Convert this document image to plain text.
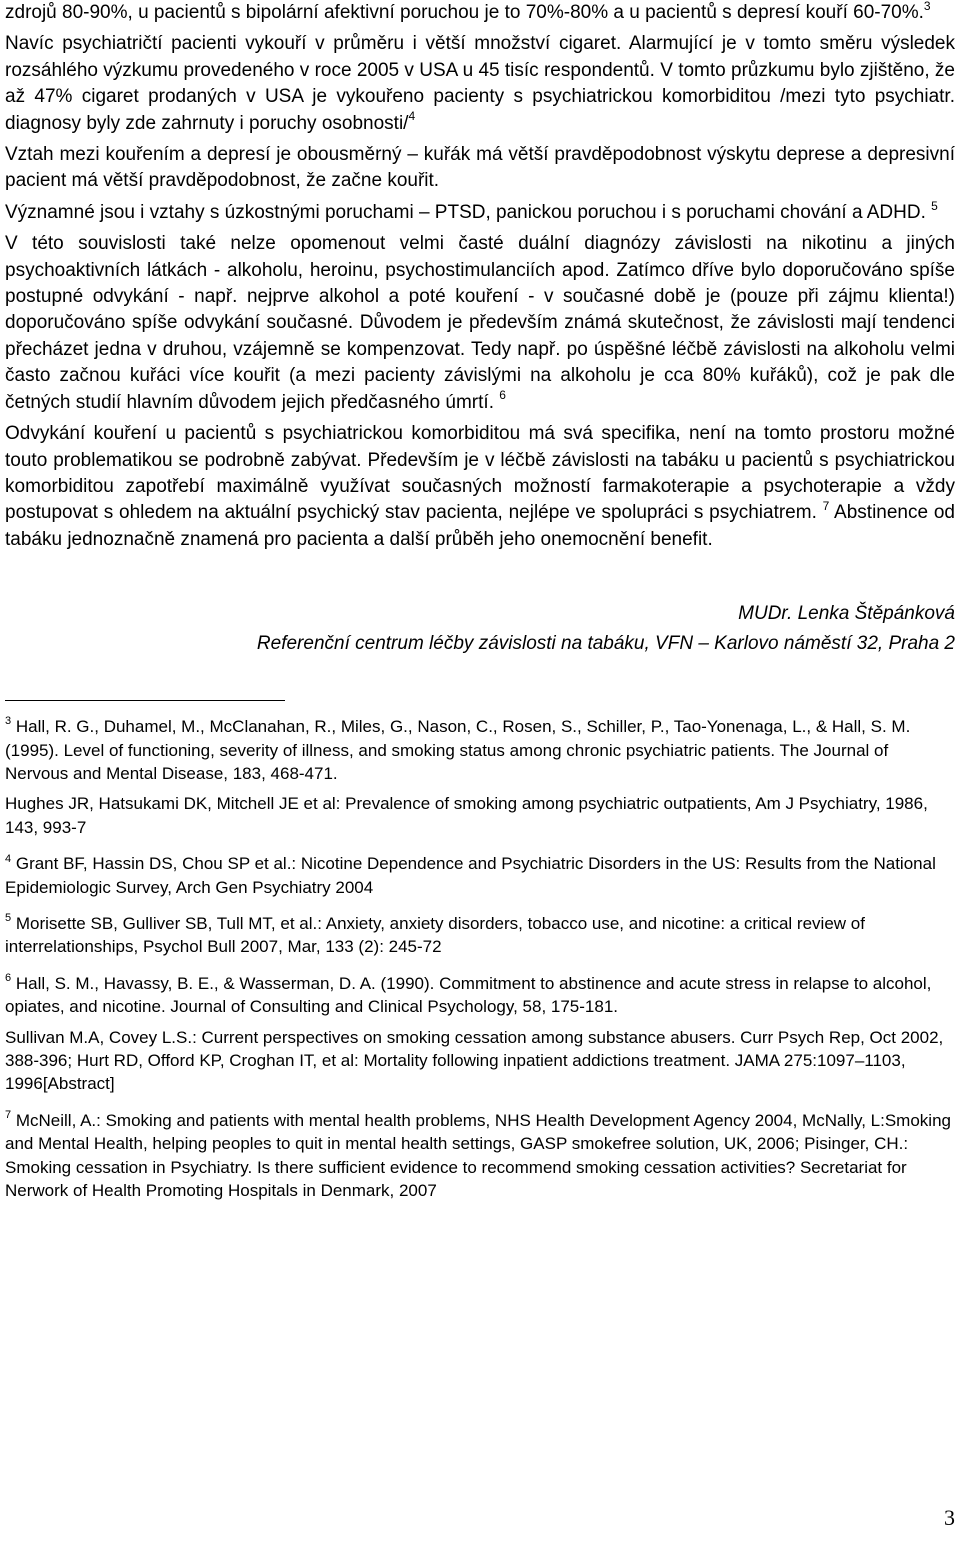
zdrojů 80-90%, u pacientů s bipolární afektivní poruchou je to 70%-80% a u pacientů s depresí kouří 60-70%.$^3$

Navíc psychiatričtí pacienti vykouří v průměru i větší množství cigaret. Alarmující je v tomto směru výsledek rozsáhlého výzkumu provedeného v roce 2005 v USA u 45 tisíc respondentů. V tomto průzkumu bylo zjištěno, že až 47% cigaret prodaných v USA je vykouřeno pacienty s psychiatrickou komorbiditou /mezi tyto psychiatr. diagnosy byly zde zahrnuty i poruchy osobnosti/$^4$

Vztah mezi kouřením a depresí je obousměrný – kuřák má větší pravděpodobnost výskytu deprese a depresivní pacient má větší pravděpodobnost, že začne kouřit.

Významné jsou i vztahy s úzkostnými poruchami – PTSD, panickou poruchou i s poruchami chování a ADHD. $^5$

V této souvislosti také nelze opomenout velmi časté duální diagnózy závislosti na nikotinu a jiných psychoaktivních látkách - alkoholu, heroinu, psychostimulanciích apod. Zatímco dříve bylo doporučováno spíše postupné odvykání - např. nejprve alkohol a poté kouření - v současné době je (pouze při zájmu klienta!) doporučováno spíše odvykání současné. Důvodem je především známá skutečnost, že závislosti mají tendenci přecházet jedna v druhou, vzájemně se kompenzovat. Tedy např. po úspěšné léčbě závislosti na alkoholu velmi často začnou kuřáci více kouřit (a mezi pacienty závislými na alkoholu je cca 80% kuřáků), což je pak dle četných studií hlavním důvodem jejich předčasného úmrtí. $^6$

Odvykání kouření u pacientů s psychiatrickou komorbiditou má svá specifika, není na tomto prostoru možné touto problematikou se podrobně zabývat. Především je v léčbě závislosti na tabáku u pacientů s psychiatrickou komorbiditou zapotřebí maximálně využívat současných možností farmakoterapie a psychoterapie a vždy postupovat s ohledem na aktuální psychický stav pacienta, nejlépe ve spolupráci s psychiatrem. $^7$ Abstinence od tabáku jednoznačně znamená pro pacienta a další průběh jeho onemocnění benefit.

MUDr. Lenka Štěpánková
Referenční centrum léčby závislosti na tabáku, VFN – Karlovo náměstí 32, Praha 2

$^3$ Hall, R. G., Duhamel, M., McClanahan, R., Miles, G., Nason, C., Rosen, S., Schiller, P., Tao-Yonenaga, L., & Hall, S. M. (1995). Level of functioning, severity of illness, and smoking status among chronic psychiatric patients. The Journal of Nervous and Mental Disease, 183, 468-471.

Hughes JR, Hatsukami DK, Mitchell JE et al: Prevalence of smoking among psychiatric outpatients, Am J Psychiatry, 1986, 143, 993-7

$^4$ Grant BF, Hassin DS, Chou SP et al.: Nicotine Dependence and Psychiatric Disorders in the US: Results from the National Epidemiologic Survey, Arch Gen Psychiatry 2004

$^5$ Morisette SB, Gulliver SB, Tull MT, et al.: Anxiety, anxiety disorders, tobacco use, and nicotine: a critical review of interrelationships, Psychol Bull 2007, Mar, 133 (2): 245-72

$^6$ Hall, S. M., Havassy, B. E., & Wasserman, D. A. (1990). Commitment to abstinence and acute stress in relapse to alcohol, opiates, and nicotine. Journal of Consulting and Clinical Psychology, 58, 175-181.

Sullivan M.A, Covey L.S.: Current perspectives on smoking cessation among substance abusers. Curr Psych Rep, Oct 2002, 388-396; Hurt RD, Offord KP, Croghan IT, et al: Mortality following inpatient addictions treatment. JAMA 275:1097–1103, 1996[Abstract]

$^7$ McNeill, A.: Smoking and patients with mental health problems, NHS Health Development Agency 2004, McNally, L:Smoking and Mental Health, helping peoples to quit in mental health settings, GASP smokefree solution, UK, 2006; Pisinger, CH.: Smoking cessation in Psychiatry. Is there sufficient evidence to recommend smoking cessation activities? Secretariat for Nerwork of Health Promoting Hospitals in Denmark, 2007

3
